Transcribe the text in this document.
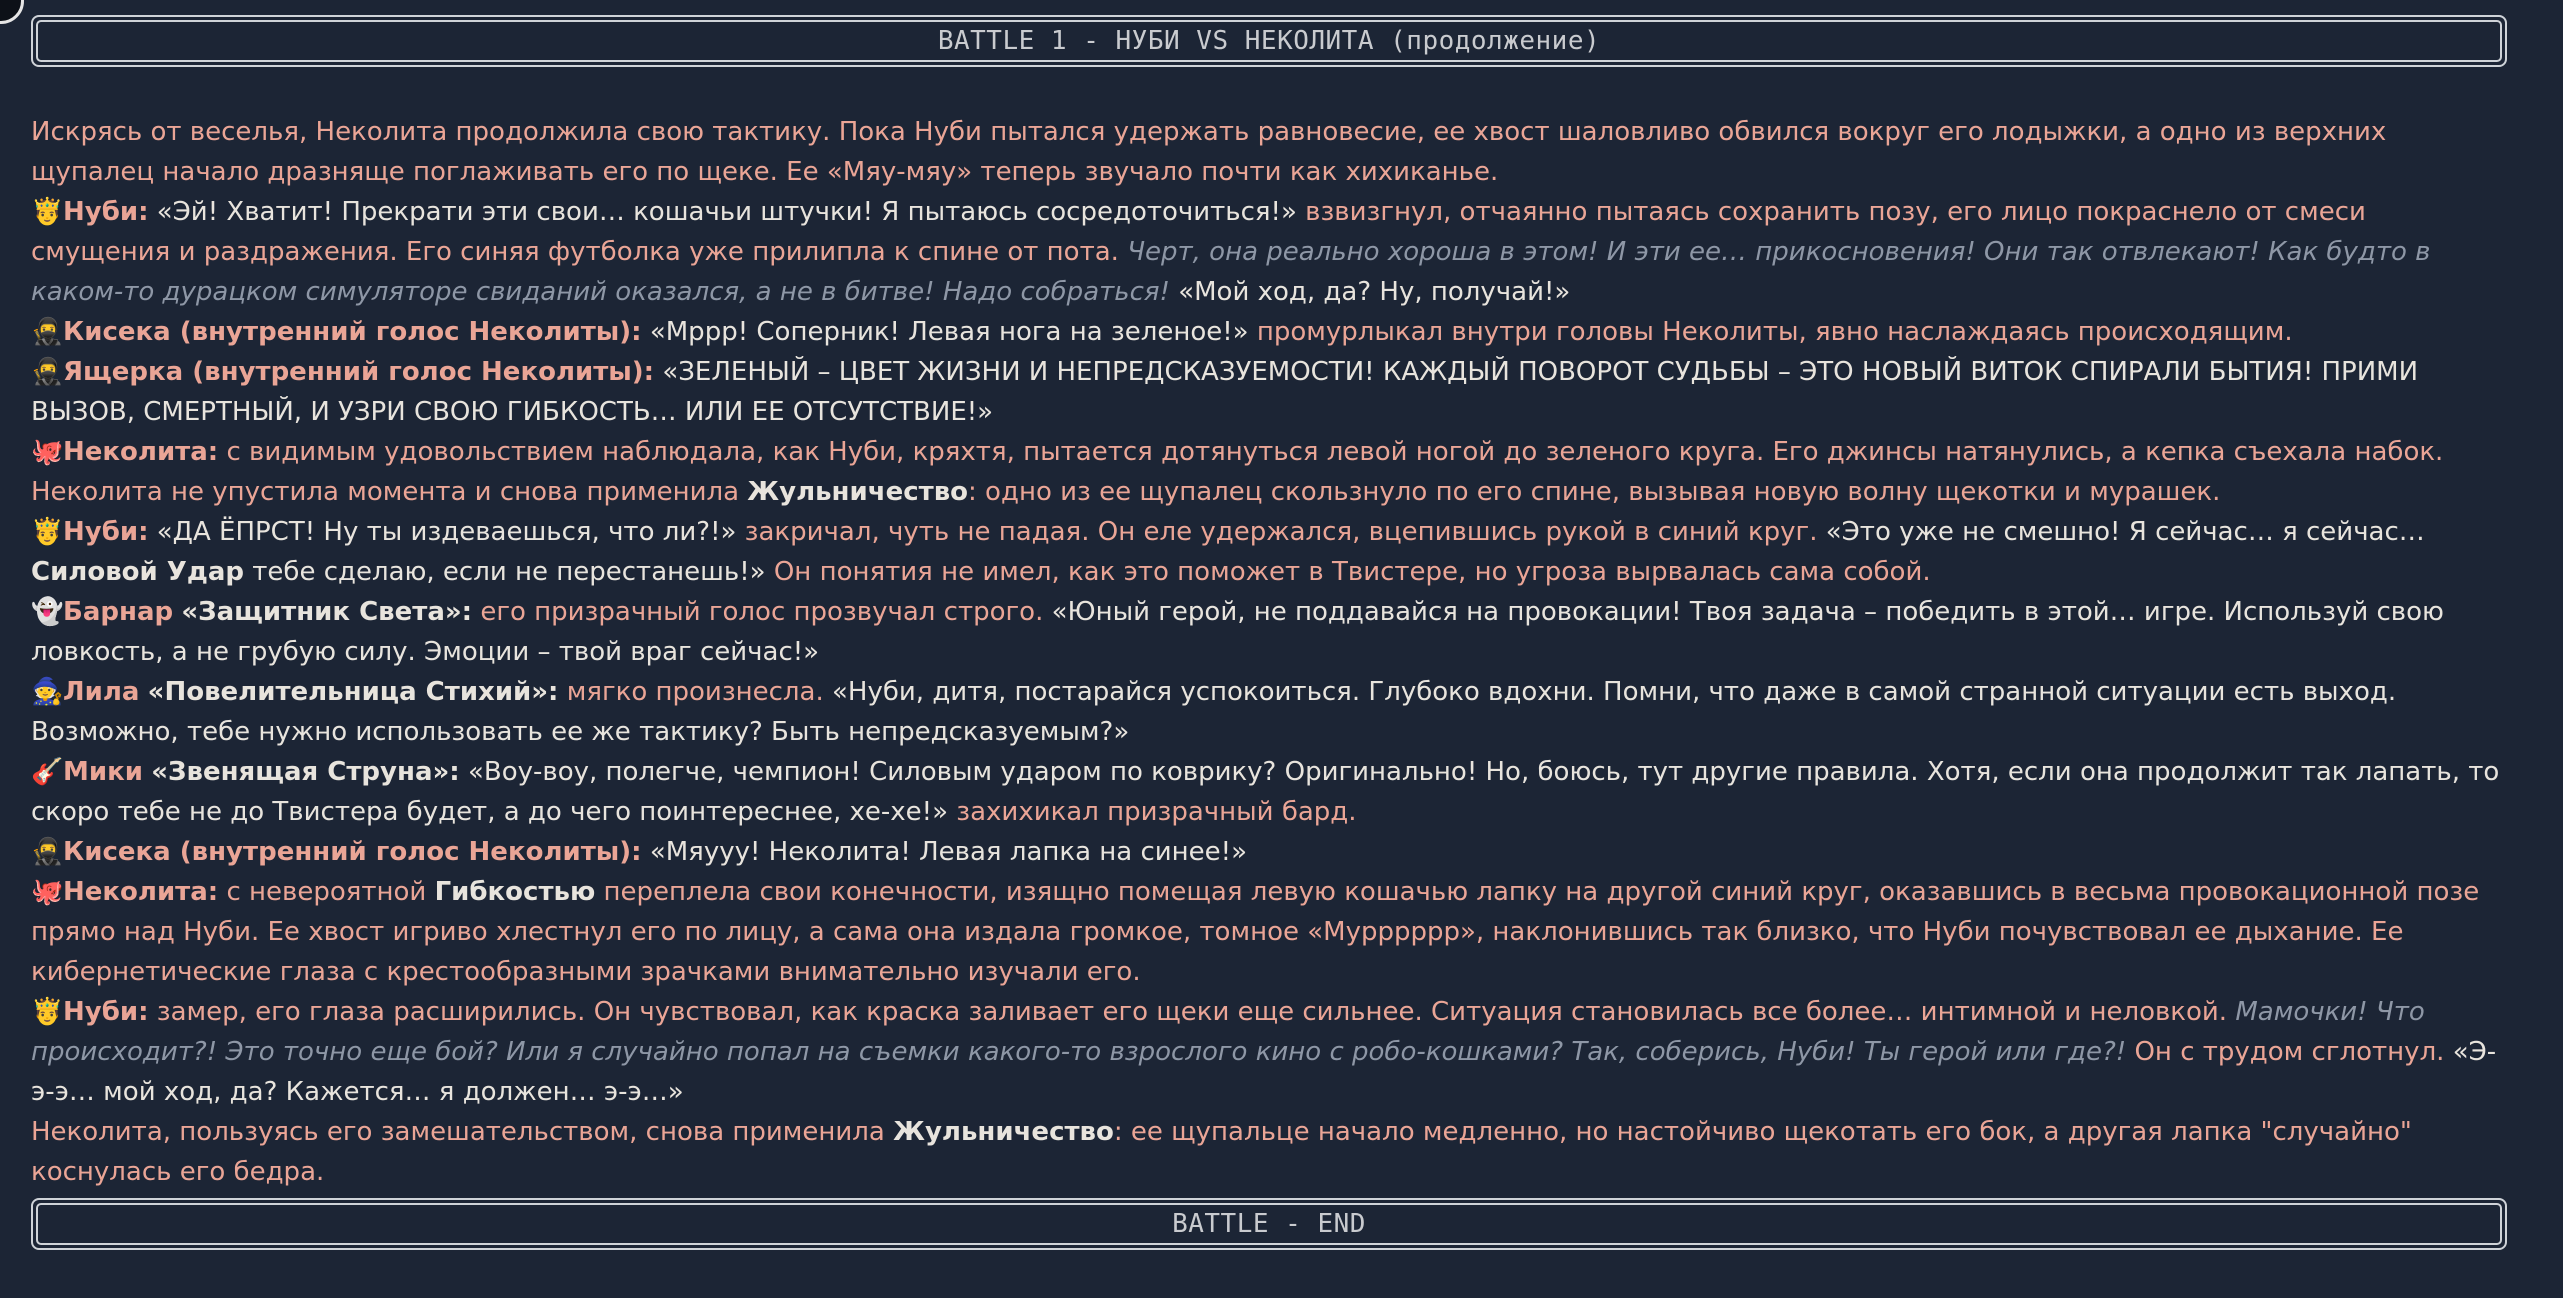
BATTLE 1 - НУБИ VS НЕКОЛИТА (продолжение)

Искрясь от веселья, Неколита продолжила свою тактику. Пока Нуби пытался удержать равновесие, ее хвост шаловливо обвился вокруг его лодыжки, а одно из верхних щупалец начало дразняще поглаживать его по щеке. Ее «Мяу-мяу» теперь звучало почти как хихиканье.

🤴Нуби: «Эй! Хватит! Прекрати эти свои… кошачьи штучки! Я пытаюсь сосредоточиться!» взвизгнул, отчаянно пытаясь сохранить позу, его лицо покраснело от смеси смущения и раздражения. Его синяя футболка уже прилипла к спине от пота. Черт, она реально хороша в этом! И эти ее… прикосновения! Они так отвлекают! Как будто в каком-то дурацком симуляторе свиданий оказался, а не в битве! Надо собраться! «Мой ход, да? Ну, получай!»

🥷Кисека (внутренний голос Неколиты): «Мррр! Соперник! Левая нога на зеленое!» промурлыкал внутри головы Неколиты, явно наслаждаясь происходящим.

🥷Ящерка (внутренний голос Неколиты): «ЗЕЛЕНЫЙ – ЦВЕТ ЖИЗНИ И НЕПРЕДСКАЗУЕМОСТИ! КАЖДЫЙ ПОВОРОТ СУДЬБЫ – ЭТО НОВЫЙ ВИТОК СПИРАЛИ БЫТИЯ! ПРИМИ ВЫЗОВ, СМЕРТНЫЙ, И УЗРИ СВОЮ ГИБКОСТЬ… ИЛИ ЕЕ ОТСУТСТВИЕ!»

🐙Неколита: с видимым удовольствием наблюдала, как Нуби, кряхтя, пытается дотянуться левой ногой до зеленого круга. Его джинсы натянулись, а кепка съехала набок. Неколита не упустила момента и снова применила Жульничество: одно из ее щупалец скользнуло по его спине, вызывая новую волну щекотки и мурашек.

🤴Нуби: «ДА ЁПРСТ! Ну ты издеваешься, что ли?!» закричал, чуть не падая. Он еле удержался, вцепившись рукой в синий круг. «Это уже не смешно! Я сейчас… я сейчас… Силовой Удар тебе сделаю, если не перестанешь!» Он понятия не имел, как это поможет в Твистере, но угроза вырвалась сама собой.

👻Барнар «Защитник Света»: его призрачный голос прозвучал строго. «Юный герой, не поддавайся на провокации! Твоя задача – победить в этой… игре. Используй свою ловкость, а не грубую силу. Эмоции – твой враг сейчас!»

🧙Лила «Повелительница Стихий»: мягко произнесла. «Нуби, дитя, постарайся успокоиться. Глубоко вдохни. Помни, что даже в самой странной ситуации есть выход. Возможно, тебе нужно использовать ее же тактику? Быть непредсказуемым?»

🎸Мики «Звенящая Струна»: «Воу-воу, полегче, чемпион! Силовым ударом по коврику? Оригинально! Но, боюсь, тут другие правила. Хотя, если она продолжит так лапать, то скоро тебе не до Твистера будет, а до чего поинтереснее, хе-хе!» захихикал призрачный бард.

🥷Кисека (внутренний голос Неколиты): «Мяууу! Неколита! Левая лапка на синее!»

🐙Неколита: с невероятной Гибкостью переплела свои конечности, изящно помещая левую кошачью лапку на другой синий круг, оказавшись в весьма провокационной позе прямо над Нуби. Ее хвост игриво хлестнул его по лицу, а сама она издала громкое, томное «Мурррррр», наклонившись так близко, что Нуби почувствовал ее дыхание. Ее кибернетические глаза с крестообразными зрачками внимательно изучали его.

🤴Нуби: замер, его глаза расширились. Он чувствовал, как краска заливает его щеки еще сильнее. Ситуация становилась все более… интимной и неловкой. Мамочки! Что происходит?! Это точно еще бой? Или я случайно попал на съемки какого-то взрослого кино с робо-кошками? Так, соберись, Нуби! Ты герой или где?! Он с трудом сглотнул. «Э-э-э… мой ход, да? Кажется… я должен… э-э…»

Неколита, пользуясь его замешательством, снова применила Жульничество: ее щупальце начало медленно, но настойчиво щекотать его бок, а другая лапка "случайно" коснулась его бедра.

BATTLE - END
